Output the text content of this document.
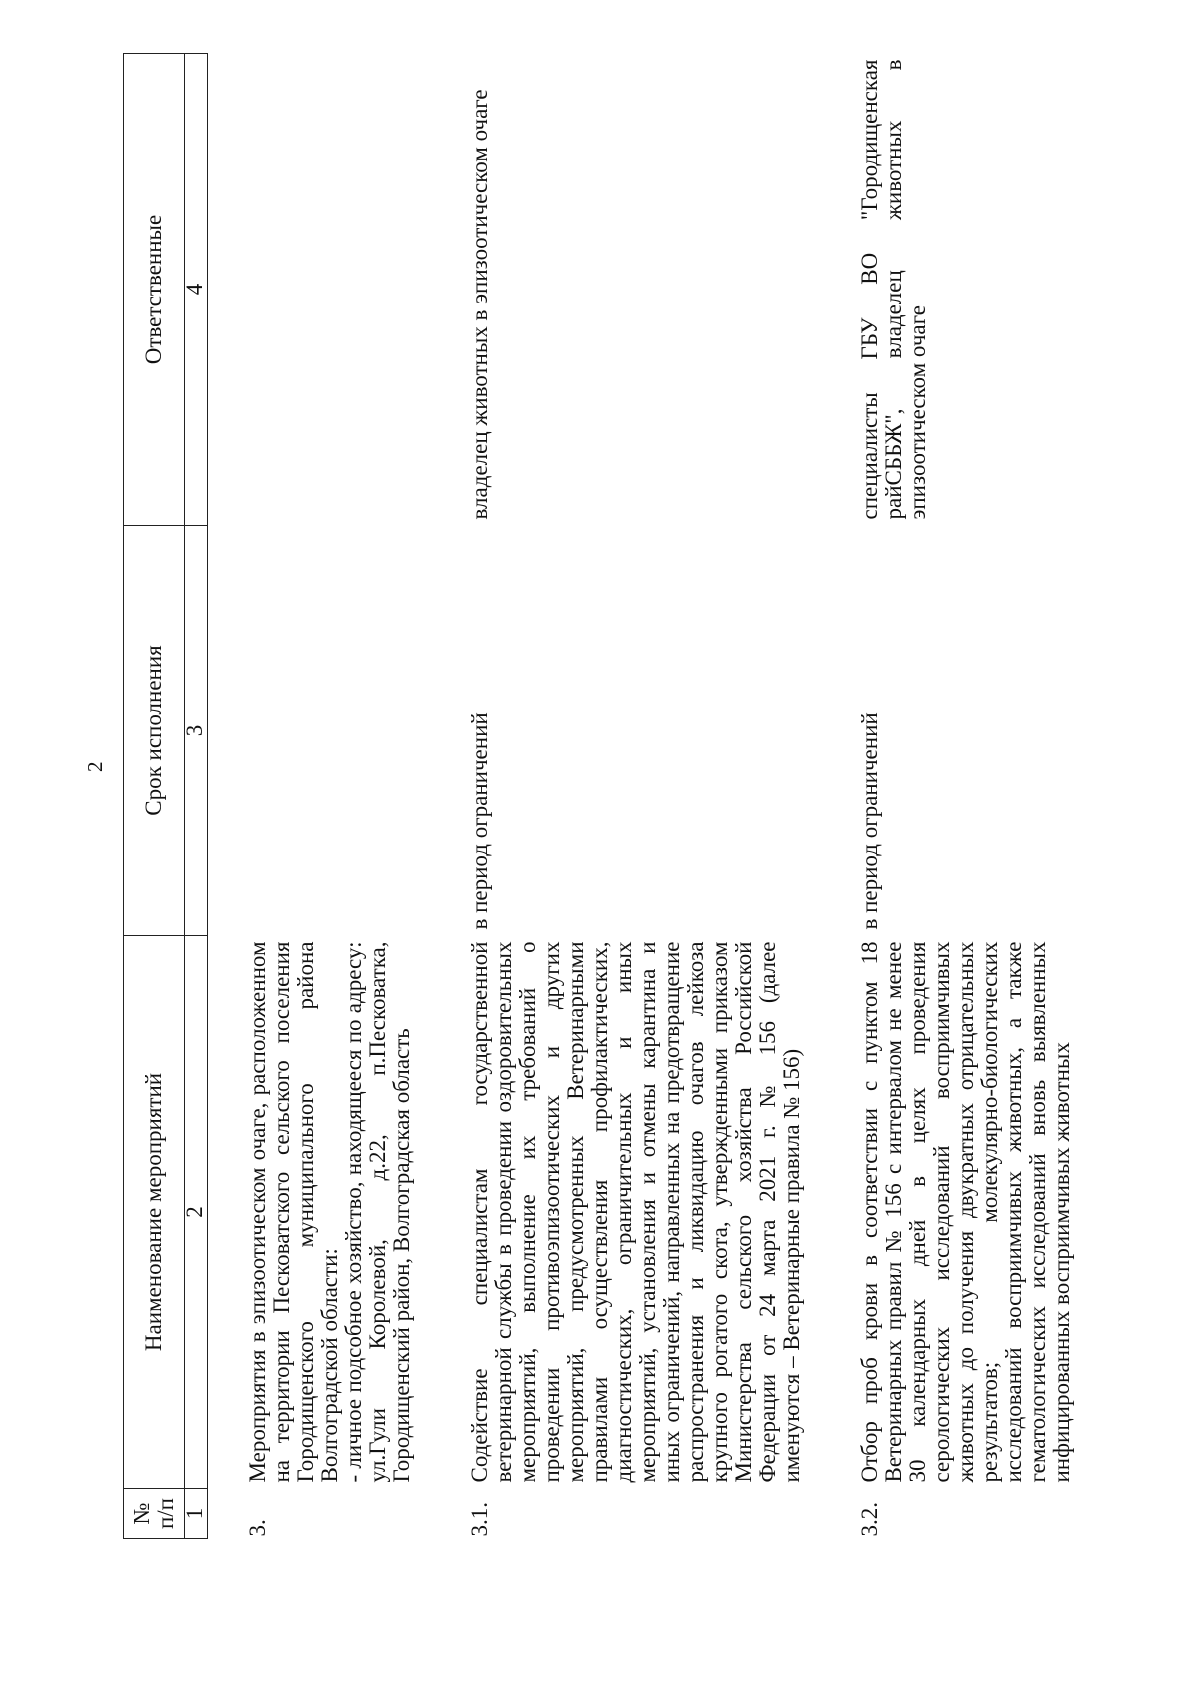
2
№ п/п	Наименование мероприятий	Срок исполнения	Ответственные
1	2	3	4
3.	Мероприятия в эпизоотическом очаге, расположенном на территории Песковатского сельского поселения Городищенского муниципального района Волгоградской области: - личное подсобное хозяйство, находящееся по адресу: ул.Гули Королевой, д.22, п.Песковатка, Городищенский район, Волгоградская область		

3.1.	Содействие специалистам государственной ветеринарной службы в проведении оздоровительных мероприятий, выполнение их требований о проведении противоэпизоотических и других мероприятий, предусмотренных Ветеринарными правилами осуществления профилактических, диагностических, ограничительных и иных мероприятий, установления и отмены карантина и иных ограничений, направленных на предотвращение распространения и ликвидацию очагов лейкоза крупного рогатого скота, утвержденными приказом Министерства сельского хозяйства Российской Федерации от 24 марта 2021 г. № 156 (далее именуются – Ветеринарные правила № 156)	в период ограничений	владелец животных в эпизоотическом очаге
3.2.	Отбор проб крови в соответствии с пунктом 18 Ветеринарных правил № 156 с интервалом не менее 30 календарных дней в целях проведения серологических исследований восприимчивых животных до получения двукратных отрицательных результатов; молекулярно-биологических исследований восприимчивых животных, а также гематологических исследований вновь выявленных инфицированных восприимчивых животных	в период ограничений	специалисты ГБУ ВО "Городищенская райСББЖ", владелец животных в эпизоотическом очаге
